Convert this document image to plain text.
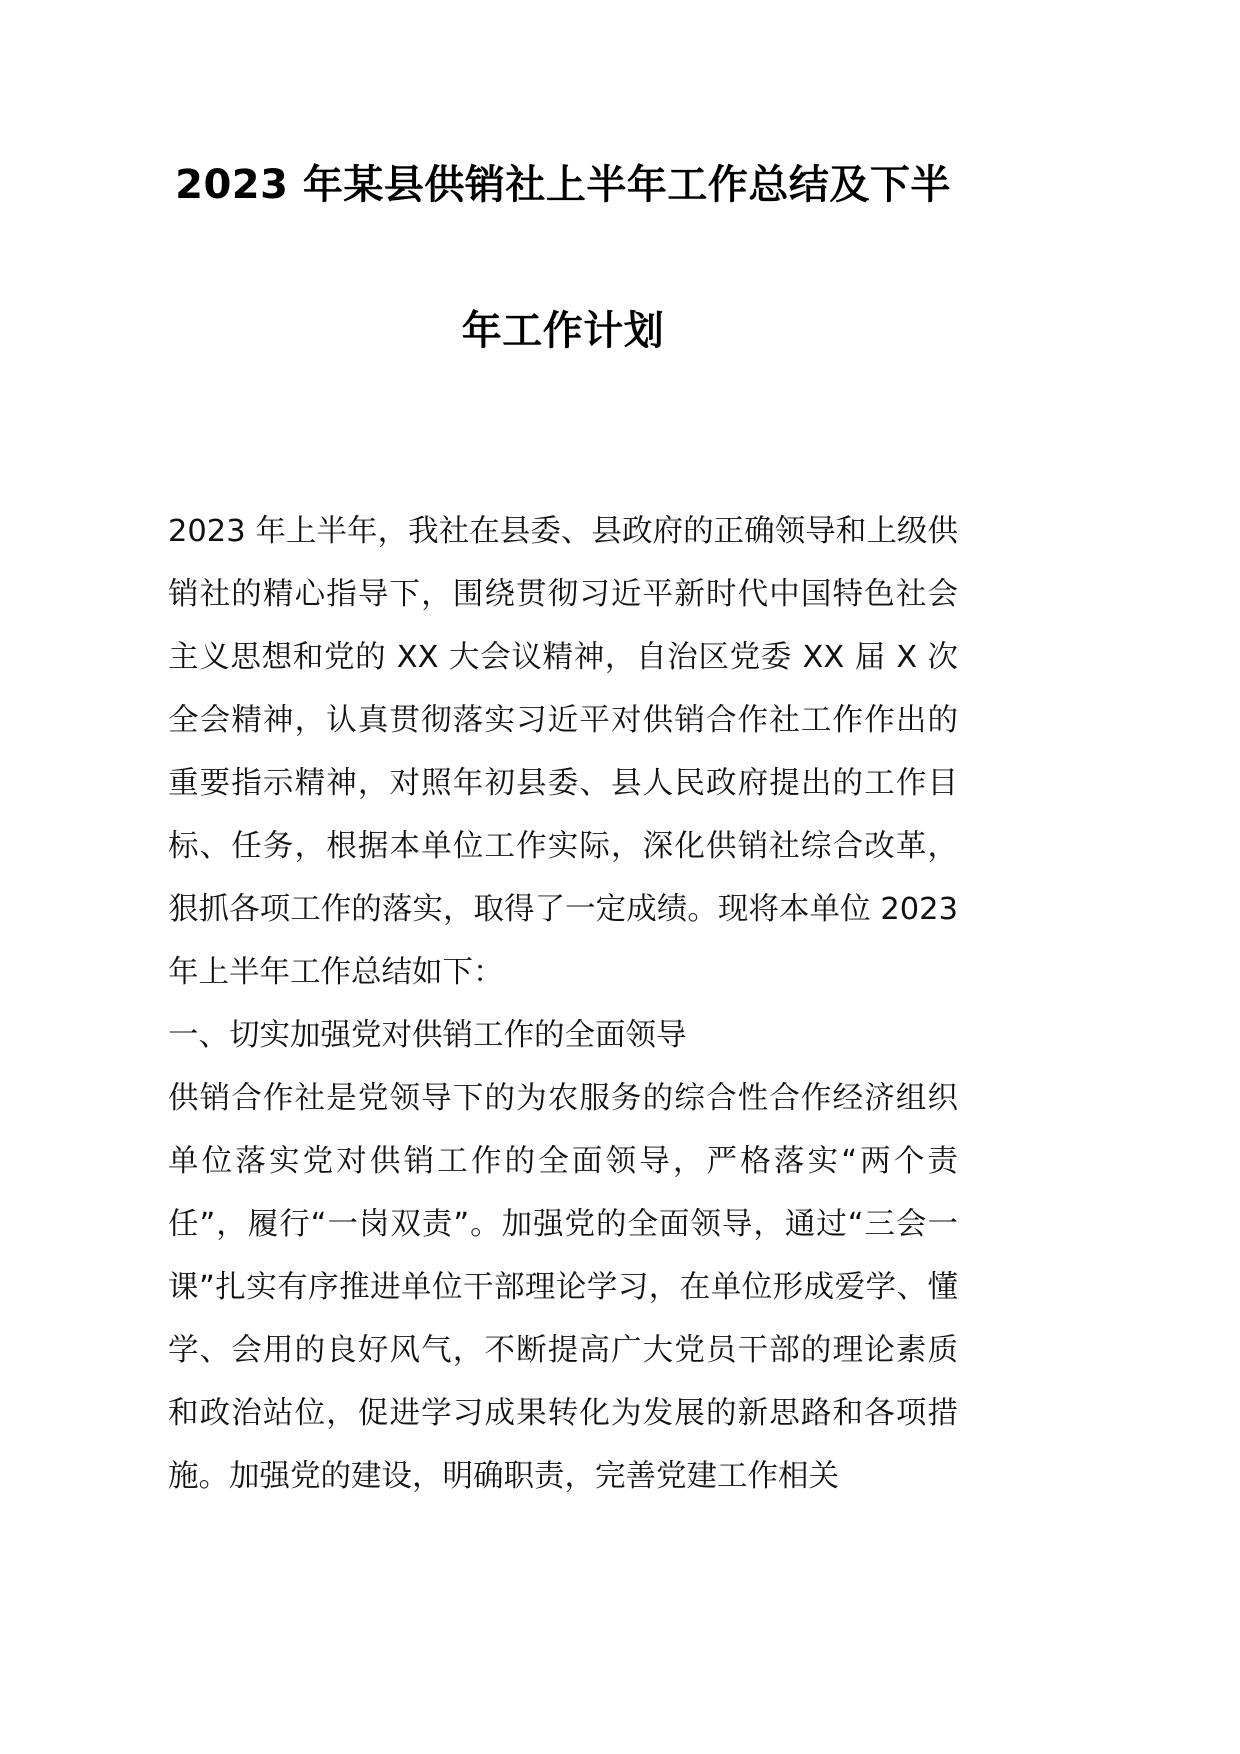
2023 年某县供销社上半年工作总结及下半
年工作计划

2023 年上半年，我社在县委、县政府的正确领导和上级供销社的精心指导下，围绕贯彻习近平新时代中国特色社会主义思想和党的 XX 大会议精神，自治区党委 XX 届 X 次全会精神，认真贯彻落实习近平对供销合作社工作作出的重要指示精神，对照年初县委、县人民政府提出的工作目标、任务，根据本单位工作实际，深化供销社综合改革，狠抓各项工作的落实，取得了一定成绩。现将本单位 2023 年上半年工作总结如下：

一、切实加强党对供销工作的全面领导

供销合作社是党领导下的为农服务的综合性合作经济组织单位落实党对供销工作的全面领导，严格落实“两个责任”，履行“一岗双责”。加强党的全面领导，通过“三会一课”扎实有序推进单位干部理论学习，在单位形成爱学、懂学、会用的良好风气，不断提高广大党员干部的理论素质和政治站位，促进学习成果转化为发展的新思路和各项措施。加强党的建设，明确职责，完善党建工作相关
